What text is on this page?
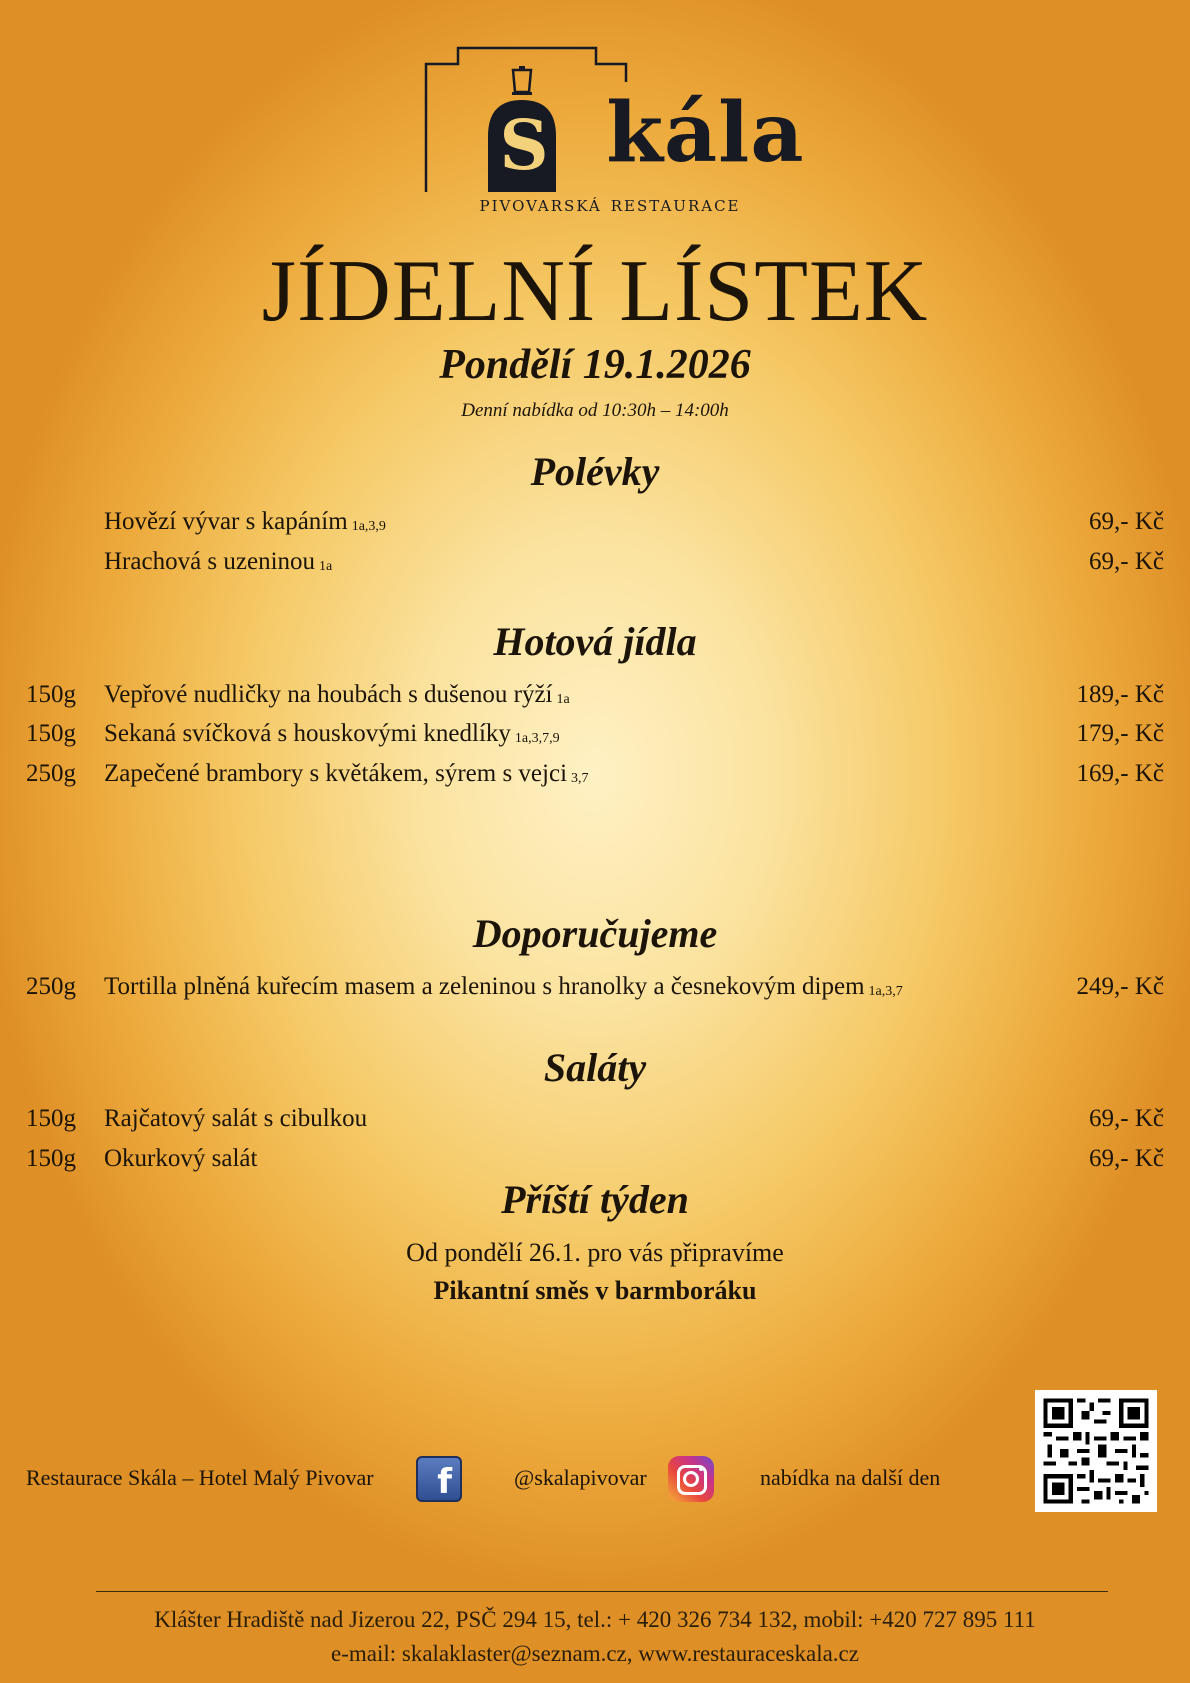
S kála
pivovarská restaurace
JÍDELNÍ LÍSTEK
Pondělí 19.1.2026
Denní nabídka od 10:30h – 14:00h
Polévky
Hovězí vývar s kapáním 1a,3,9	69,- Kč
Hrachová s uzeninou 1a	69,- Kč
Hotová jídla
150g Vepřové nudličky na houbách s dušenou rýží 1a	189,- Kč
150g Sekaná svíčková s houskovými knedlíky 1a,3,7,9	179,- Kč
250g Zapečené brambory s květákem, sýrem s vejci 3,7	169,- Kč
Doporučujeme
250g Tortilla plněná kuřecím masem a zeleninou s hranolky a česnekovým dipem 1a,3,7	249,- Kč
Saláty
150g Rajčatový salát s cibulkou	69,- Kč
150g Okurkový salát	69,- Kč
Příští týden
Od pondělí 26.1. pro vás připravíme
Pikantní směs v barmboráku
Restaurace Skála – Hotel Malý Pivovar	f	@skalapivovar	nabídka na další den
Klášter Hradiště nad Jizerou 22, PSČ 294 15, tel.: + 420 326 734 132, mobil: +420 727 895 111
e-mail: skalaklaster@seznam.cz, www.restauraceskala.cz
